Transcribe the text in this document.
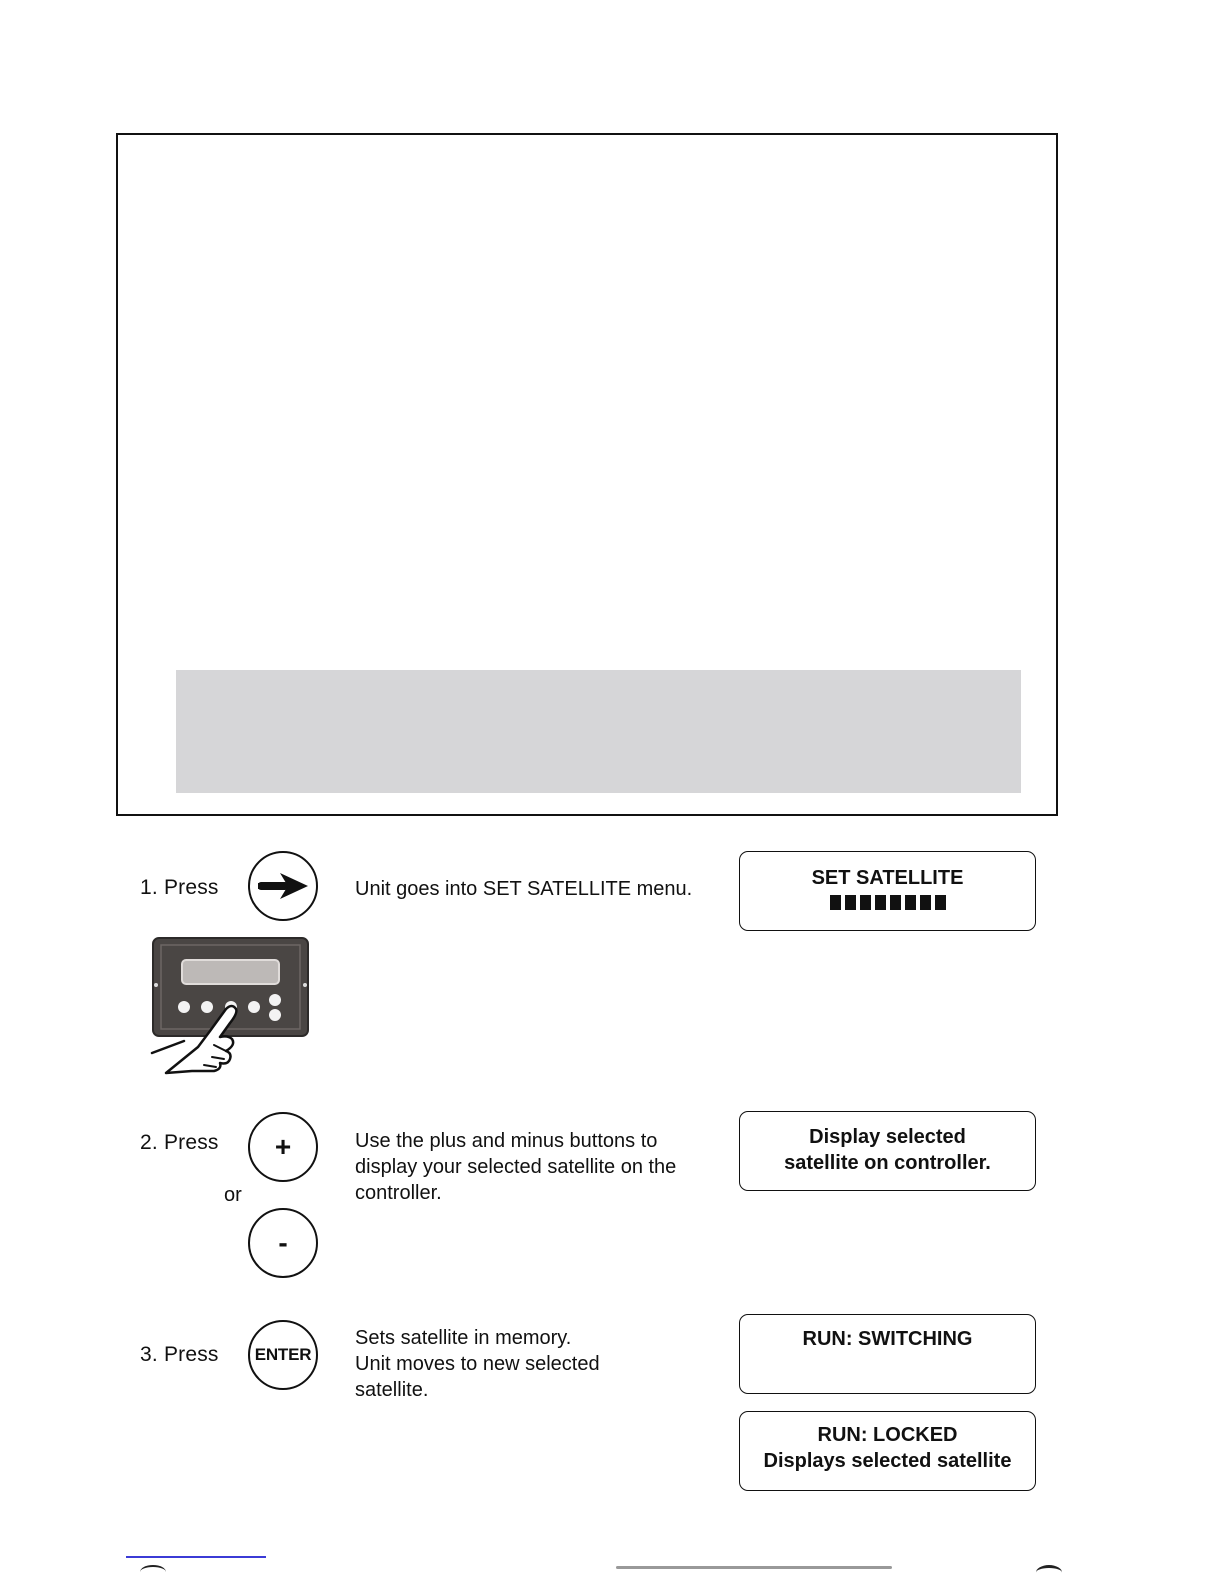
1. Press	Unit goes into SET SATELLITE menu.	SET SATELLITE
2. Press +
or
-
Use the plus and minus buttons to
display your selected satellite on the
controller.
Display selected
satellite on controller.
3. Press ENTER
Sets satellite in memory.
Unit moves to new selected
satellite.
RUN: SWITCHING
RUN: LOCKED
Displays selected satellite
